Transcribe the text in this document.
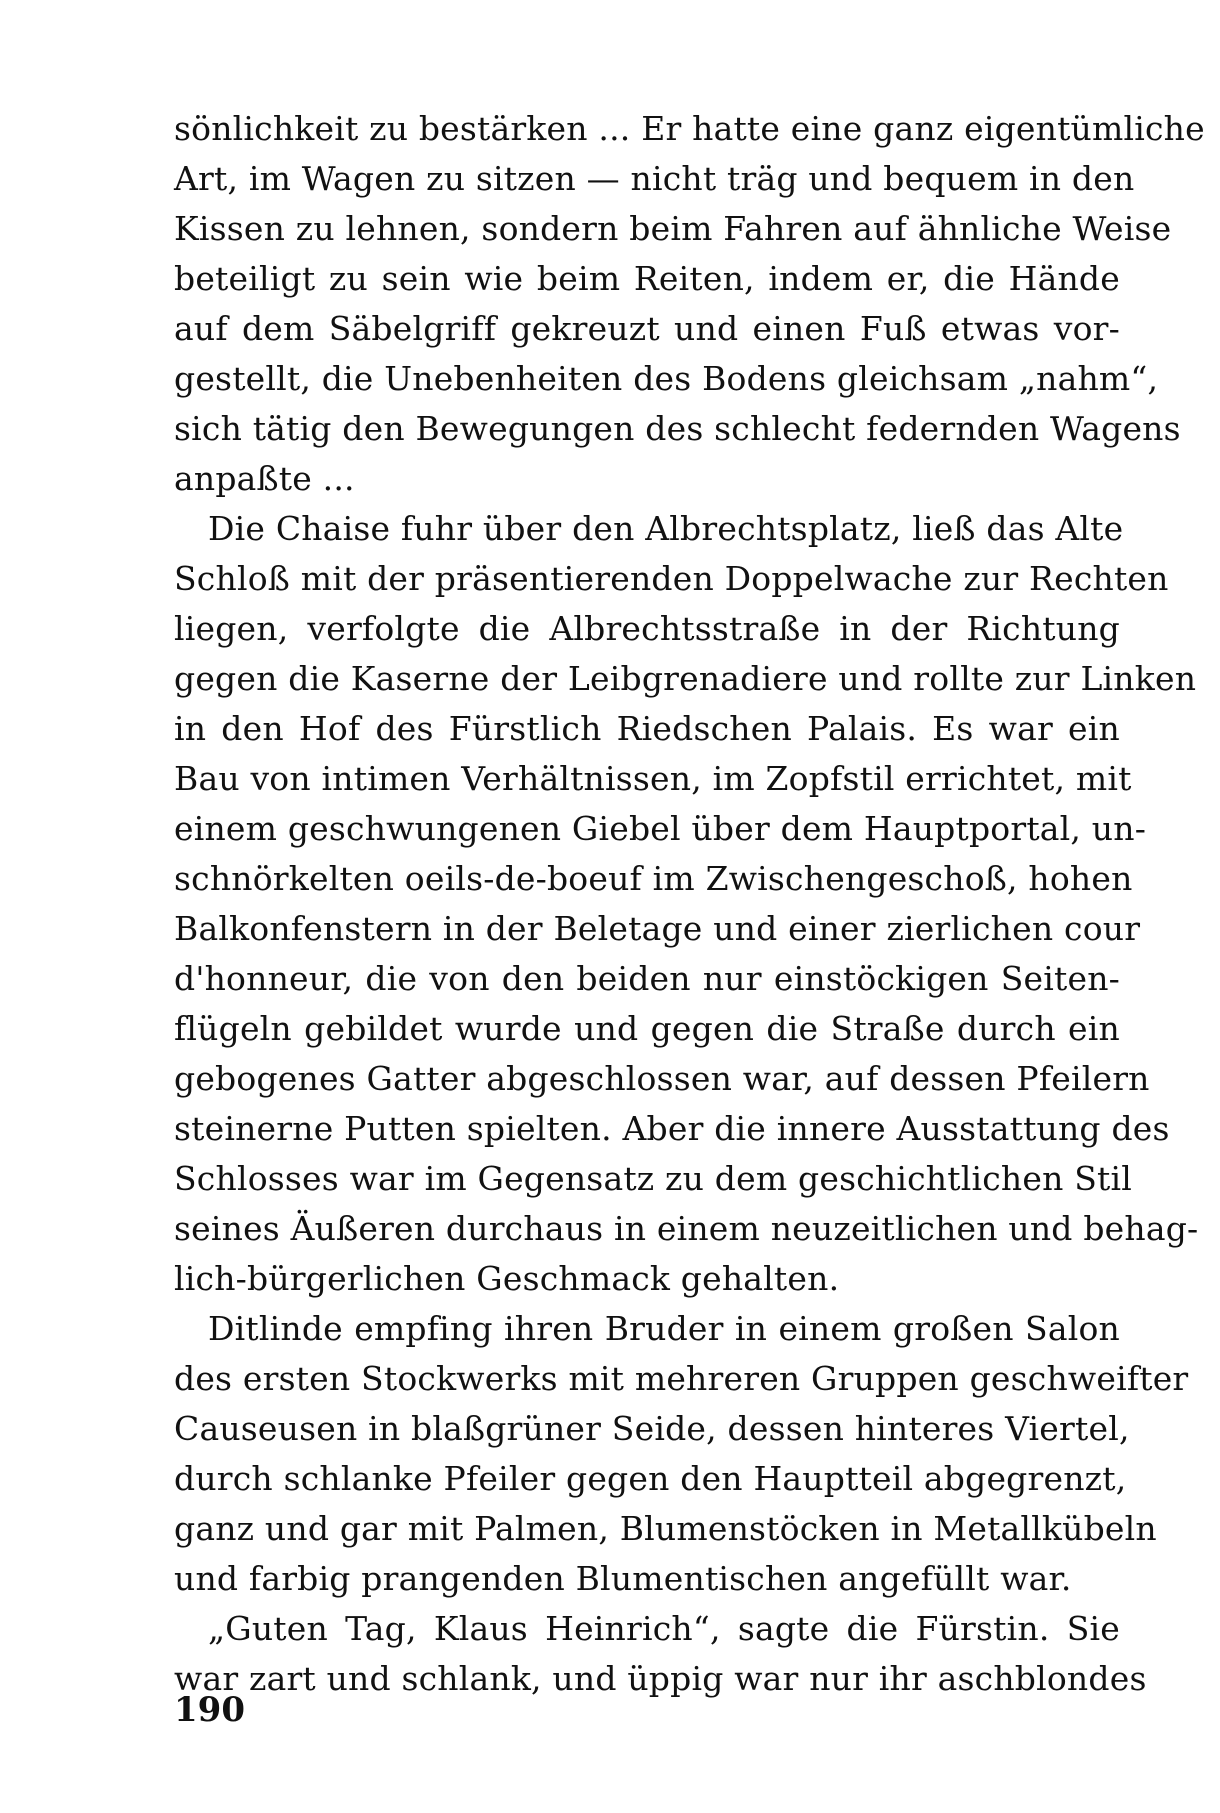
sönlichkeit zu bestärken ... Er hatte eine ganz eigentümliche
Art, im Wagen zu sitzen — nicht träg und bequem in den
Kissen zu lehnen, sondern beim Fahren auf ähnliche Weise
beteiligt zu sein wie beim Reiten, indem er, die Hände
auf dem Säbelgriff gekreuzt und einen Fuß etwas vor-
gestellt, die Unebenheiten des Bodens gleichsam „nahm“,
sich tätig den Bewegungen des schlecht federnden Wagens
anpaßte ...
Die Chaise fuhr über den Albrechtsplatz, ließ das Alte
Schloß mit der präsentierenden Doppelwache zur Rechten
liegen, verfolgte die Albrechtsstraße in der Richtung
gegen die Kaserne der Leibgrenadiere und rollte zur Linken
in den Hof des Fürstlich Riedschen Palais. Es war ein
Bau von intimen Verhältnissen, im Zopfstil errichtet, mit
einem geschwungenen Giebel über dem Hauptportal, un-
schnörkelten oeils-de-boeuf im Zwischengeschoß, hohen
Balkonfenstern in der Beletage und einer zierlichen cour
d'honneur, die von den beiden nur einstöckigen Seiten-
flügeln gebildet wurde und gegen die Straße durch ein
gebogenes Gatter abgeschlossen war, auf dessen Pfeilern
steinerne Putten spielten. Aber die innere Ausstattung des
Schlosses war im Gegensatz zu dem geschichtlichen Stil
seines Äußeren durchaus in einem neuzeitlichen und behag-
lich-bürgerlichen Geschmack gehalten.
Ditlinde empfing ihren Bruder in einem großen Salon
des ersten Stockwerks mit mehreren Gruppen geschweifter
Causeusen in blaßgrüner Seide, dessen hinteres Viertel,
durch schlanke Pfeiler gegen den Hauptteil abgegrenzt,
ganz und gar mit Palmen, Blumenstöcken in Metallkübeln
und farbig prangenden Blumentischen angefüllt war.
„Guten Tag, Klaus Heinrich“, sagte die Fürstin. Sie
war zart und schlank, und üppig war nur ihr aschblondes
190
